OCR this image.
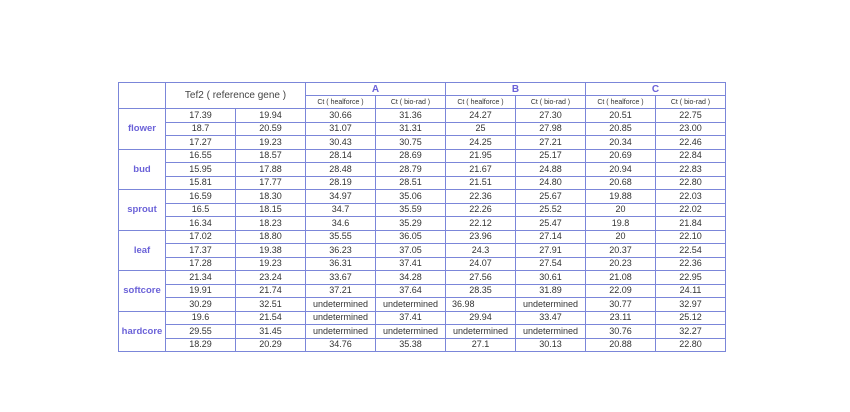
	Tef2 ( reference gene )		A		B		C	
			Ct ( healforce )	Ct ( bio-rad )	Ct ( healforce )	Ct ( bio-rad )	Ct ( healforce )	Ct ( bio-rad )
flower	17.39	19.94	30.66	31.36	24.27	27.30	20.51	22.75
	18.7	20.59	31.07	31.31	25	27.98	20.85	23.00
	17.27	19.23	30.43	30.75	24.25	27.21	20.34	22.46
bud	16.55	18.57	28.14	28.69	21.95	25.17	20.69	22.84
	15.95	17.88	28.48	28.79	21.67	24.88	20.94	22.83
	15.81	17.77	28.19	28.51	21.51	24.80	20.68	22.80
sprout	16.59	18.30	34.97	35.06	22.36	25.67	19.88	22.03
	16.5	18.15	34.7	35.59	22.26	25.52	20	22.02
	16.34	18.23	34.6	35.29	22.12	25.47	19.8	21.84
leaf	17.02	18.80	35.55	36.05	23.96	27.14	20	22.10
	17.37	19.38	36.23	37.05	24.3	27.91	20.37	22.54
	17.28	19.23	36.31	37.41	24.07	27.54	20.23	22.36
softcore	21.34	23.24	33.67	34.28	27.56	30.61	21.08	22.95
	19.91	21.74	37.21	37.64	28.35	31.89	22.09	24.11
	30.29	32.51	undetermined	undetermined	36.98	undetermined	30.77	32.97
hardcore	19.6	21.54	undetermined	37.41	29.94	33.47	23.11	25.12
	29.55	31.45	undetermined	undetermined	undetermined	undetermined	30.76	32.27
	18.29	20.29	34.76	35.38	27.1	30.13	20.88	22.80
